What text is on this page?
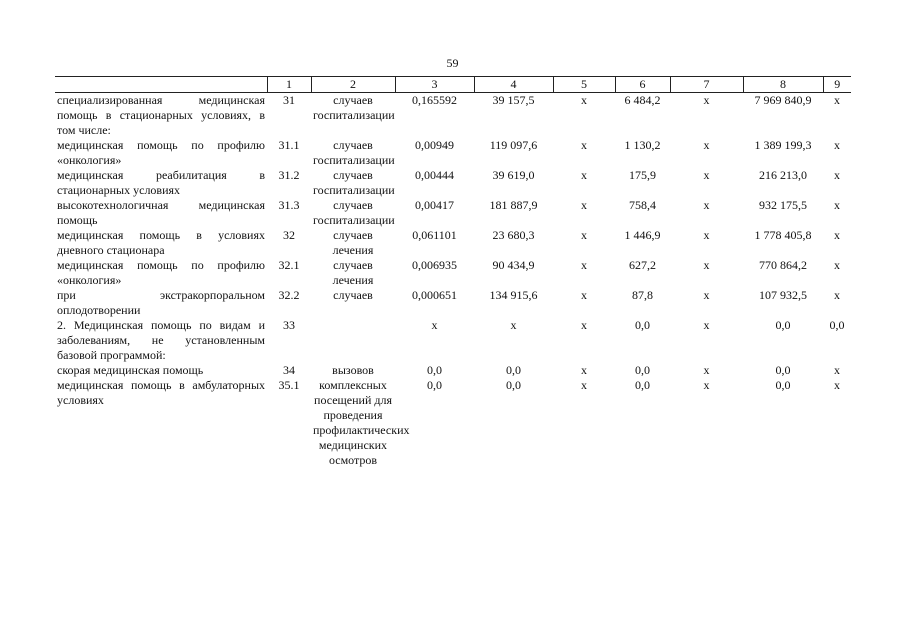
59
	1	2	3	4	5	6	7	8	9
специализированная медицинская помощь в стационарных условиях, в том числе:	31	случаев госпитализации	0,165592	39 157,5	x	6 484,2	x	7 969 840,9	x
медицинская помощь по профилю «онкология»	31.1	случаев госпитализации	0,00949	119 097,6	x	1 130,2	x	1 389 199,3	x
медицинская реабилитация в стационарных условиях	31.2	случаев госпитализации	0,00444	39 619,0	x	175,9	x	216 213,0	x
высокотехнологичная медицинская помощь	31.3	случаев госпитализации	0,00417	181 887,9	x	758,4	x	932 175,5	x
медицинская помощь в условиях дневного стационара	32	случаев лечения	0,061101	23 680,3	x	1 446,9	x	1 778 405,8	x
медицинская помощь по профилю «онкология»	32.1	случаев лечения	0,006935	90 434,9	x	627,2	x	770 864,2	x
при экстракорпоральном оплодотворении	32.2	случаев	0,000651	134 915,6	x	87,8	x	107 932,5	x
2. Медицинская помощь по видам и заболеваниям, не установленным базовой программой:	33		x	x	x	0,0	x	0,0	0,0
скорая медицинская помощь	34	вызовов	0,0	0,0	x	0,0	x	0,0	x
медицинская помощь в амбулаторных условиях	35.1	комплексных посещений для проведения профилактических медицинских осмотров	0,0	0,0	x	0,0	x	0,0	x
